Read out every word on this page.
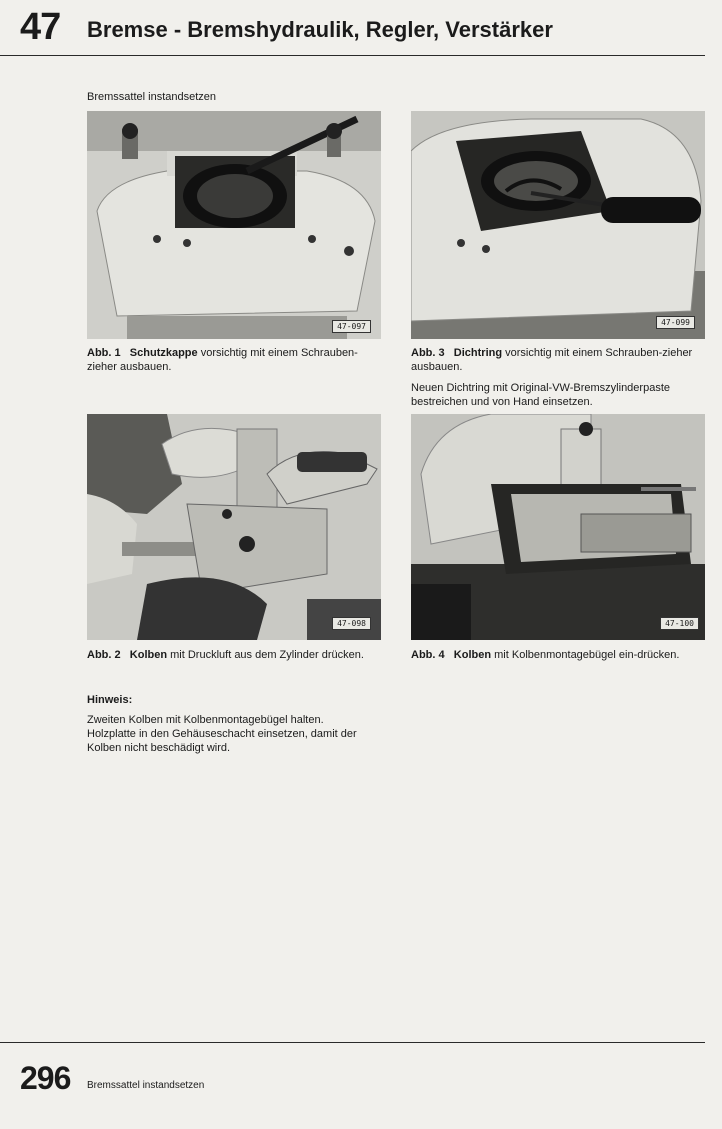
47 Bremse - Bremshydraulik, Regler, Verstärker
Bremssattel instandsetzen
47-097
Abb. 1 Schutzkappe vorsichtig mit einem Schrauben-zieher ausbauen.
47-099
Abb. 3 Dichtring vorsichtig mit einem Schrauben-zieher ausbauen.
Neuen Dichtring mit Original-VW-Bremszylinderpaste bestreichen und von Hand einsetzen.
47-098
Abb. 2 Kolben mit Druckluft aus dem Zylinder drücken.
47-100
Abb. 4 Kolben mit Kolbenmontagebügel ein-drücken.
Hinweis:
Zweiten Kolben mit Kolbenmontagebügel halten. Holzplatte in den Gehäuseschacht einsetzen, damit der Kolben nicht beschädigt wird.
296 Bremssattel instandsetzen
